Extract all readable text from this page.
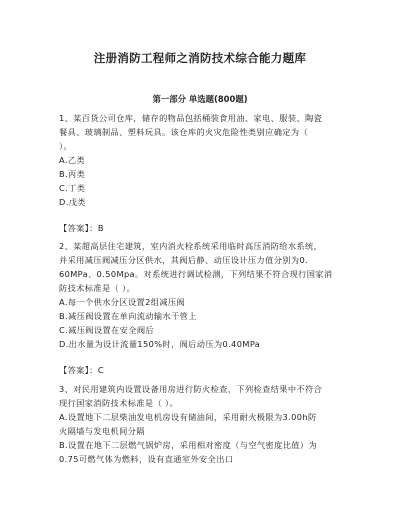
注册消防工程师之消防技术综合能力题库
第一部分 单选题(800题)
1、某百货公司仓库，储存的物品包括桶装食用油、家电、服装、陶瓷
餐具、玻璃制品、塑料玩具。该仓库的火灾危险性类别应确定为（
）。
A.乙类
B.丙类
C.丁类
D.戊类
【答案】：B
2、某超高层住宅建筑，室内消火栓系统采用临时高压消防给水系统，
并采用减压阀减压分区供水，其阀后静、动压设计压力值分别为0.
60MPa、0.50Mpa。对系统进行调试检测，下列结果不符合现行国家消
防技术标准是（ ）。
A.每一个供水分区设置2组减压阀
B.减压阀设置在单向流动输水干管上
C.减压阀设置在安全阀后
D.出水量为设计流量150%时，阀后动压为0.40MPa
【答案】：C
3、对民用建筑内设置设备用房进行防火检查，下列检查结果中不符合
现行国家消防技术标准是（ ）。
A.设置地下二层柴油发电机房设有储油间，采用耐火极限为3.00h防
火隔墙与发电机间分隔
B.设置在地下二层燃气锅炉房，采用相对密度（与空气密度比值）为
0.75可燃气体为燃料，设有直通室外安全出口
